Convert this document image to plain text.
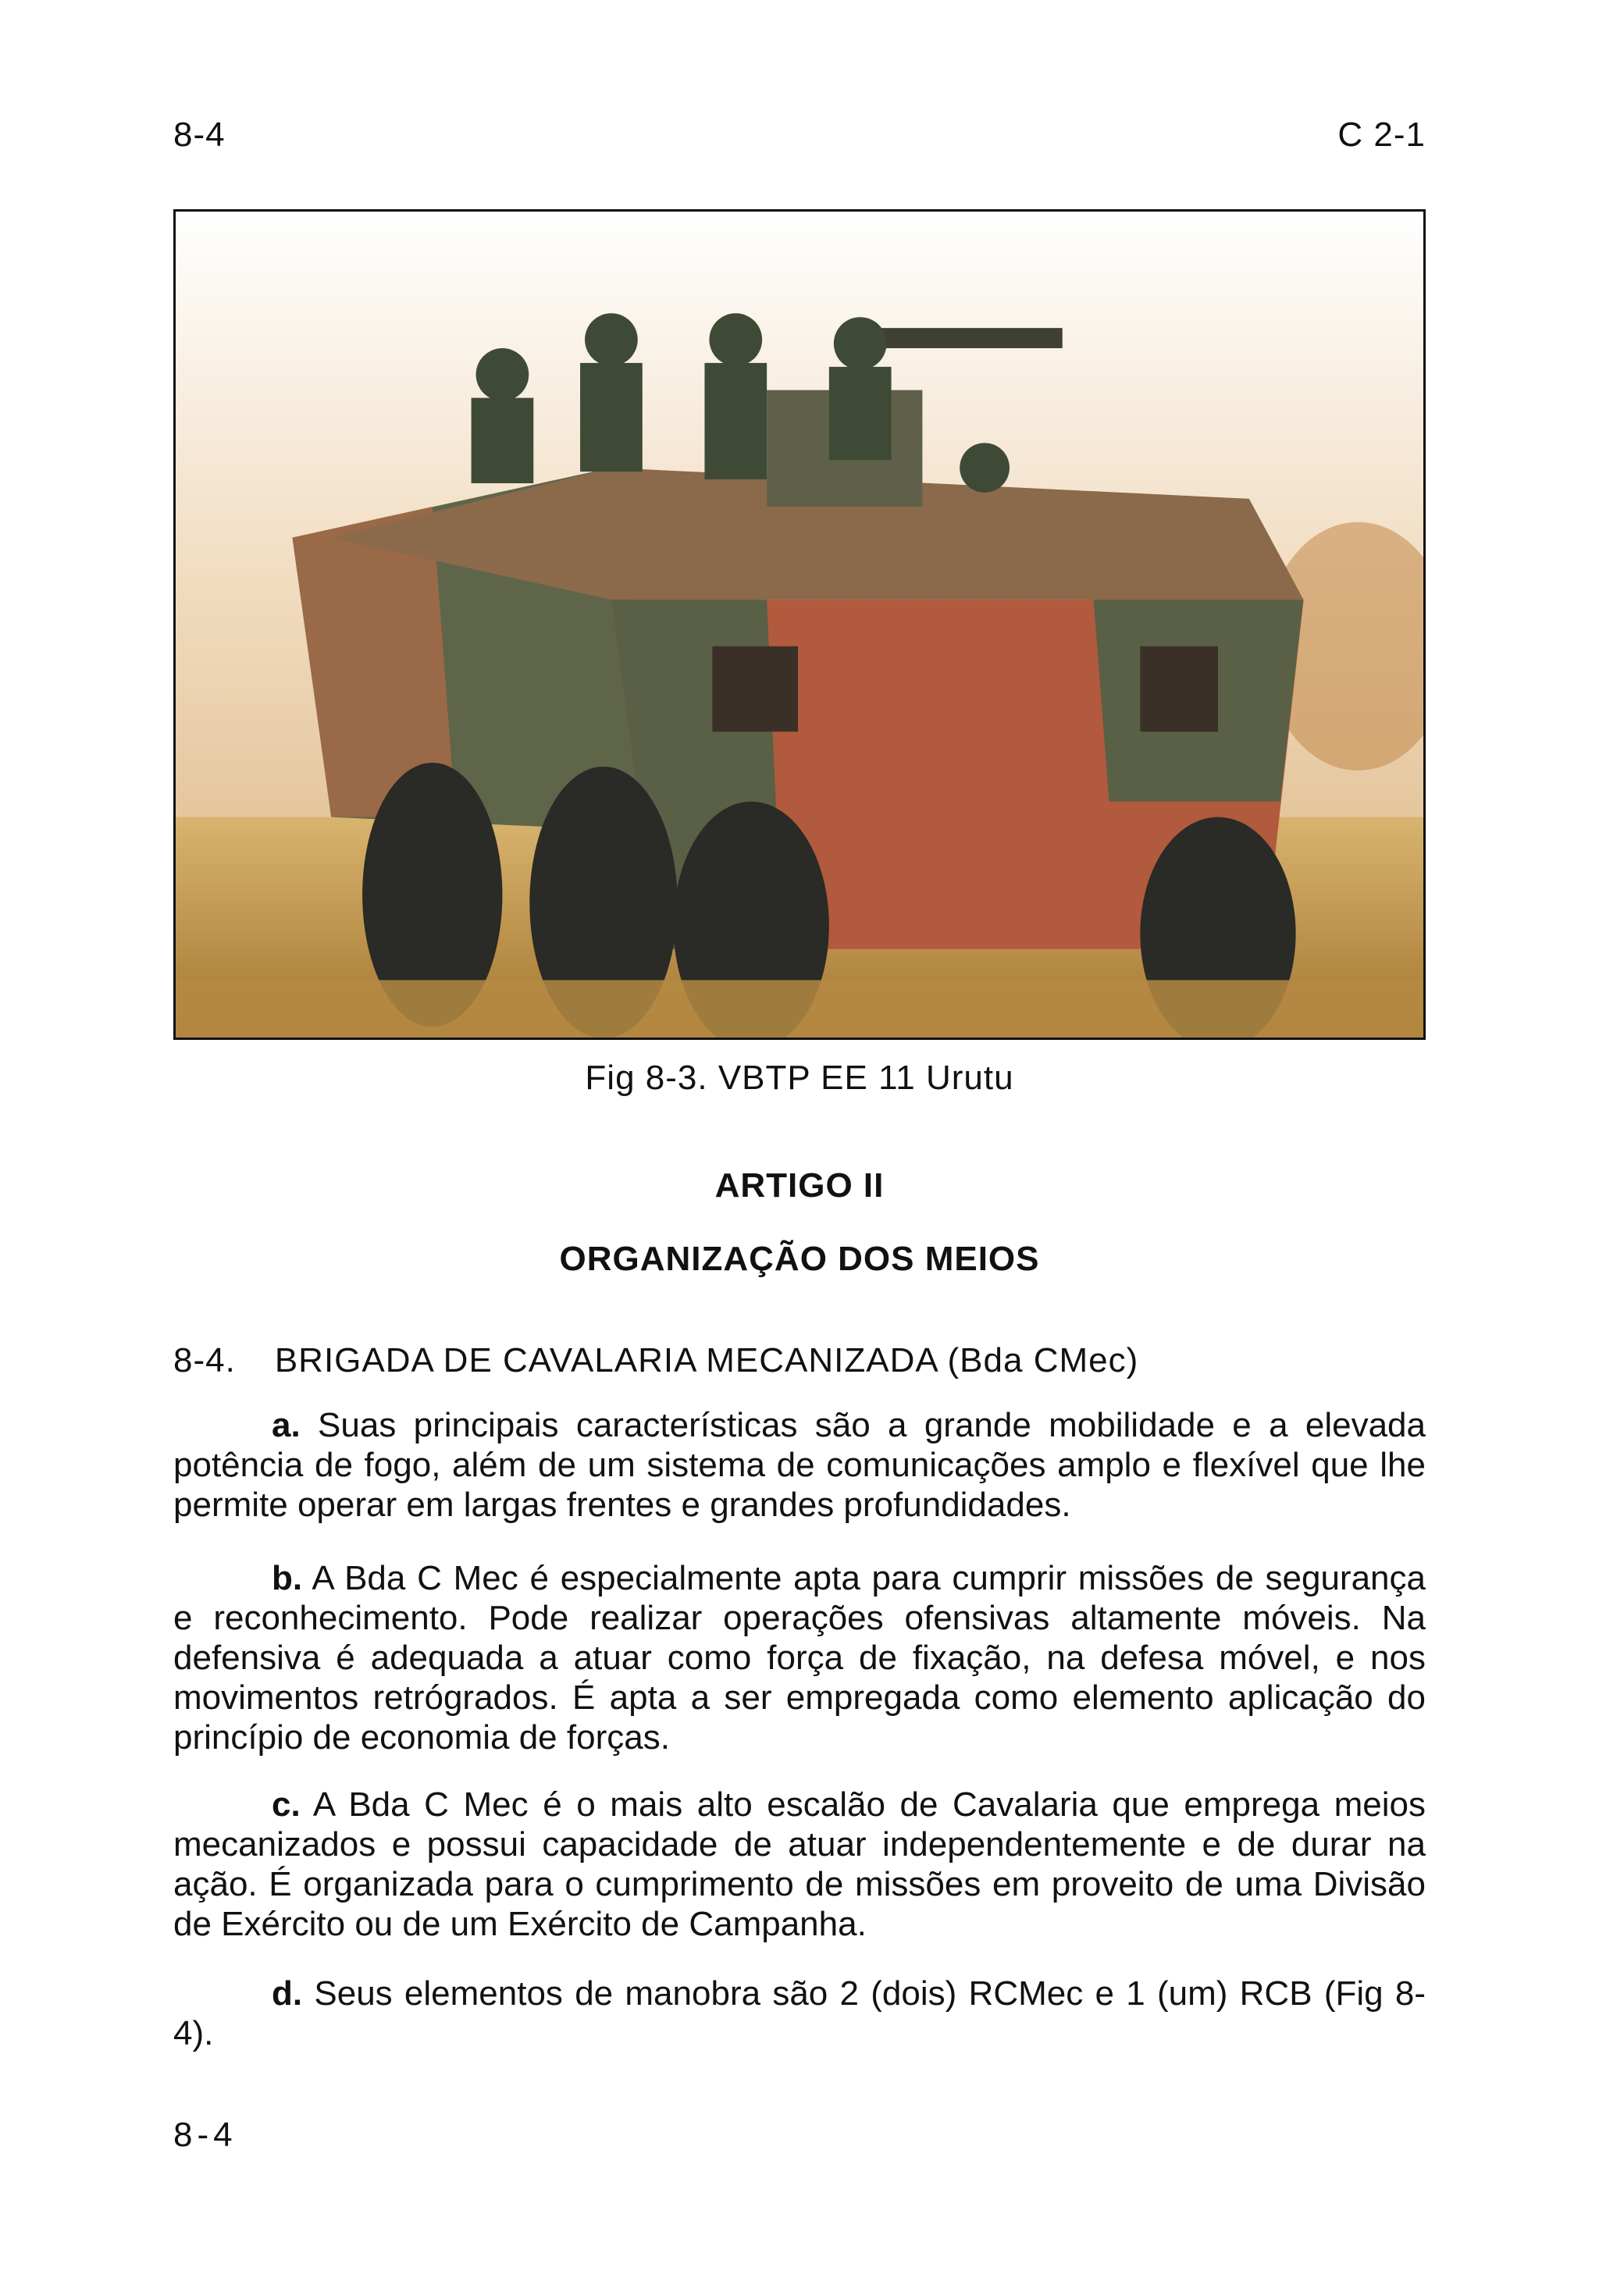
8-4	C 2-1
Fig 8-3. VBTP EE 11 Urutu
ARTIGO II
ORGANIZAÇÃO DOS MEIOS
8-4. BRIGADA DE CAVALARIA MECANIZADA (Bda CMec)

a. Suas principais características são a grande mobilidade e a elevada potência de fogo, além de um sistema de comunicações amplo e flexível que lhe permite operar em largas frentes e grandes profundidades.

b. A Bda C Mec é especialmente apta para cumprir missões de segurança e reconhecimento. Pode realizar operações ofensivas altamente móveis. Na defensiva é adequada a atuar como força de fixação, na defesa móvel, e nos movimentos retrógrados. É apta a ser empregada como elemento aplicação do princípio de economia de forças.

c. A Bda C Mec é o mais alto escalão de Cavalaria que emprega meios mecanizados e possui capacidade de atuar independentemente e de durar na ação. É organizada para o cumprimento de missões em proveito de uma Divisão de Exército ou de um Exército de Campanha.

d. Seus elementos de manobra são 2 (dois) RCMec e 1 (um) RCB (Fig 8-4).

8-4
